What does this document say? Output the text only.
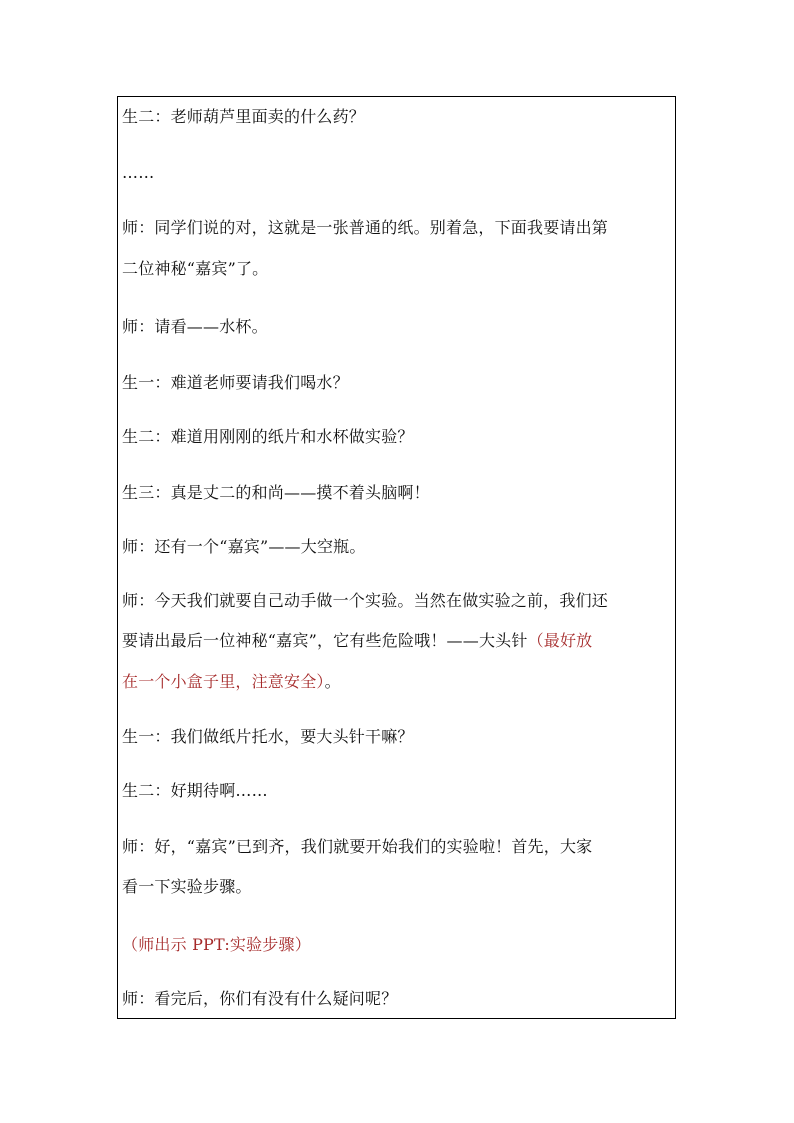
生二：老师葫芦里面卖的什么药？
……
师：同学们说的对，这就是一张普通的纸。别着急，下面我要请出第
二位神秘“嘉宾”了。
师：请看——水杯。
生一：难道老师要请我们喝水？
生二：难道用刚刚的纸片和水杯做实验？
生三：真是丈二的和尚——摸不着头脑啊！
师：还有一个“嘉宾”——大空瓶。
师：今天我们就要自己动手做一个实验。当然在做实验之前，我们还
要请出最后一位神秘“嘉宾”，它有些危险哦！——大头针（最好放
在一个小盒子里，注意安全）。
生一：我们做纸片托水，要大头针干嘛？
生二：好期待啊……
师：好，“嘉宾”已到齐，我们就要开始我们的实验啦！首先，大家
看一下实验步骤。
（师出示 PPT:实验步骤）
师：看完后，你们有没有什么疑问呢？
